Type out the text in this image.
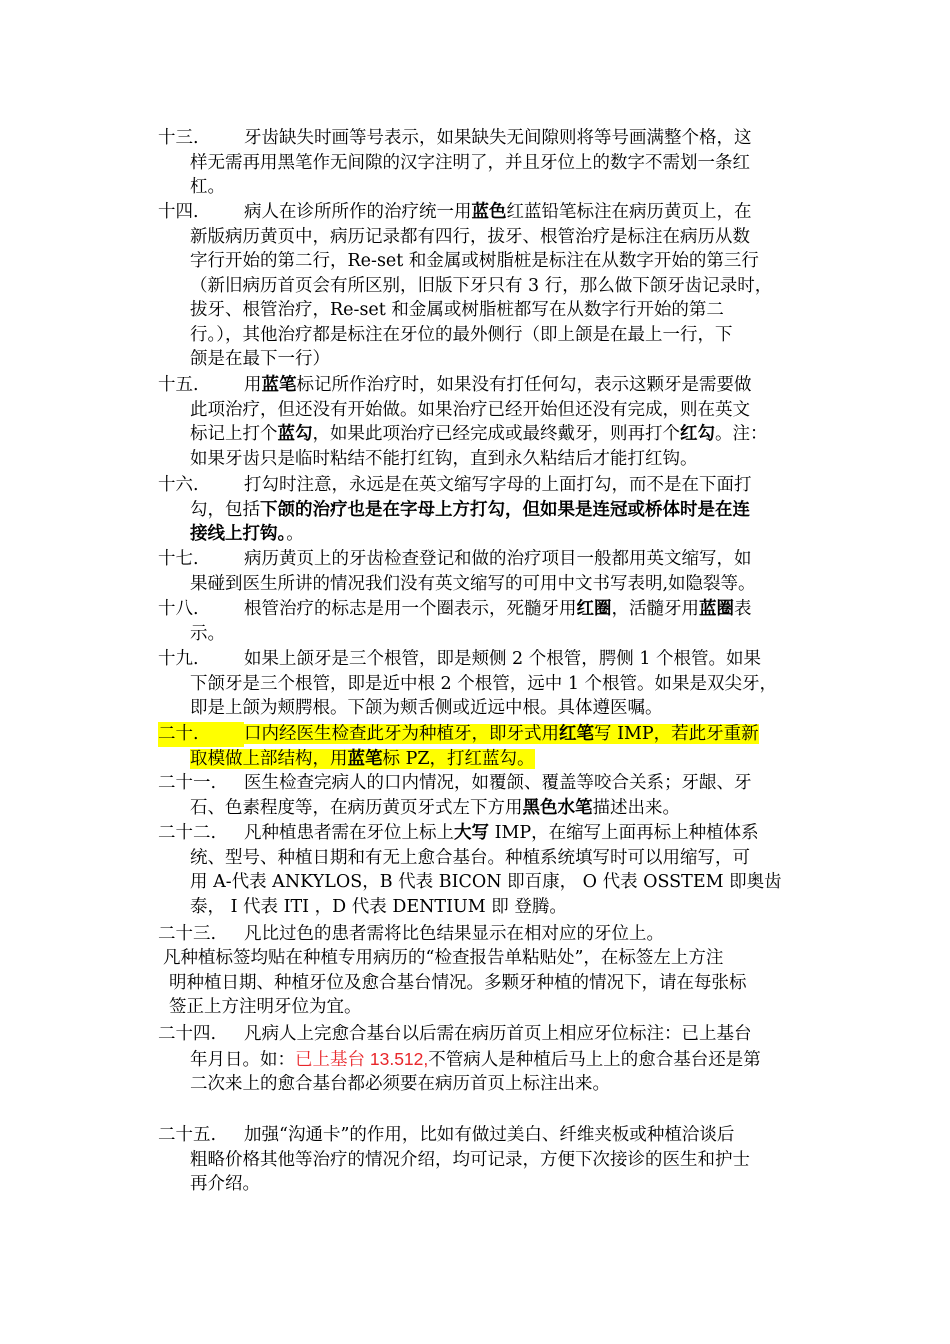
十三.	牙齿缺失时画等号表示，如果缺失无间隙则将等号画满整个格，这
样无需再用黑笔作无间隙的汉字注明了，并且牙位上的数字不需划一条红
杠。
十四.	病人在诊所所作的治疗统一用蓝色红蓝铅笔标注在病历黄页上，在
新版病历黄页中，病历记录都有四行，拔牙、根管治疗是标注在病历从数
字行开始的第二行，Re-set 和金属或树脂桩是标注在从数字开始的第三行
（新旧病历首页会有所区别，旧版下牙只有 3 行，那么做下颌牙齿记录时，
拔牙、根管治疗，Re-set 和金属或树脂桩都写在从数字行开始的第二
行。），其他治疗都是标注在牙位的最外侧行（即上颌是在最上一行，下
颌是在最下一行）
十五.	用蓝笔标记所作治疗时，如果没有打任何勾，表示这颗牙是需要做
此项治疗，但还没有开始做。如果治疗已经开始但还没有完成，则在英文
标记上打个蓝勾，如果此项治疗已经完成或最终戴牙，则再打个红勾。注：
如果牙齿只是临时粘结不能打红钩，直到永久粘结后才能打红钩。
十六.	打勾时注意，永远是在英文缩写字母的上面打勾，而不是在下面打
勾，包括下颌的治疗也是在字母上方打勾，但如果是连冠或桥体时是在连
接线上打钩。。
十七.	病历黄页上的牙齿检查登记和做的治疗项目一般都用英文缩写，如
果碰到医生所讲的情况我们没有英文缩写的可用中文书写表明,如隐裂等。
十八.	根管治疗的标志是用一个圈表示，死髓牙用红圈，活髓牙用蓝圈表
示。
十九.	如果上颌牙是三个根管，即是颊侧 2 个根管，腭侧 1 个根管。如果
下颌牙是三个根管，即是近中根 2 个根管，远中 1 个根管。如果是双尖牙，
即是上颌为颊腭根。下颌为颊舌侧或近远中根。具体遵医嘱。
二十.	口内经医生检查此牙为种植牙，即牙式用红笔写 IMP，若此牙重新
取模做上部结构，用蓝笔标 PZ，打红蓝勾。
二十一.	医生检查完病人的口内情况，如覆颌、覆盖等咬合关系；牙龈、牙
石、色素程度等，在病历黄页牙式左下方用黑色水笔描述出来。
二十二.	凡种植患者需在牙位上标上大写 IMP，在缩写上面再标上种植体系
统、型号、种植日期和有无上愈合基台。种植系统填写时可以用缩写，可
用 A-代表 ANKYLOS，B 代表 BICON 即百康， O 代表 OSSTEM 即奥齿
泰， I 代表 ITI ，D 代表 DENTIUM 即 登腾。
二十三.	凡比过色的患者需将比色结果显示在相对应的牙位上。
二十四.	凡病人上完愈合基台以后需在病历首页上相应牙位标注：已上基台
年月日。如：已上基台 13.512,不管病人是种植后马上上的愈合基台还是第
二次来上的愈合基台都必须要在病历首页上标注出来。
二十五.	加强“沟通卡”的作用，比如有做过美白、纤维夹板或种植洽谈后
粗略价格其他等治疗的情况介绍，均可记录，方便下次接诊的医生和护士
再介绍。
凡种植标签均贴在种植专用病历的“检查报告单粘贴处”，在标签左上方注
明种植日期、种植牙位及愈合基台情况。多颗牙种植的情况下，请在每张标
签正上方注明牙位为宜。
